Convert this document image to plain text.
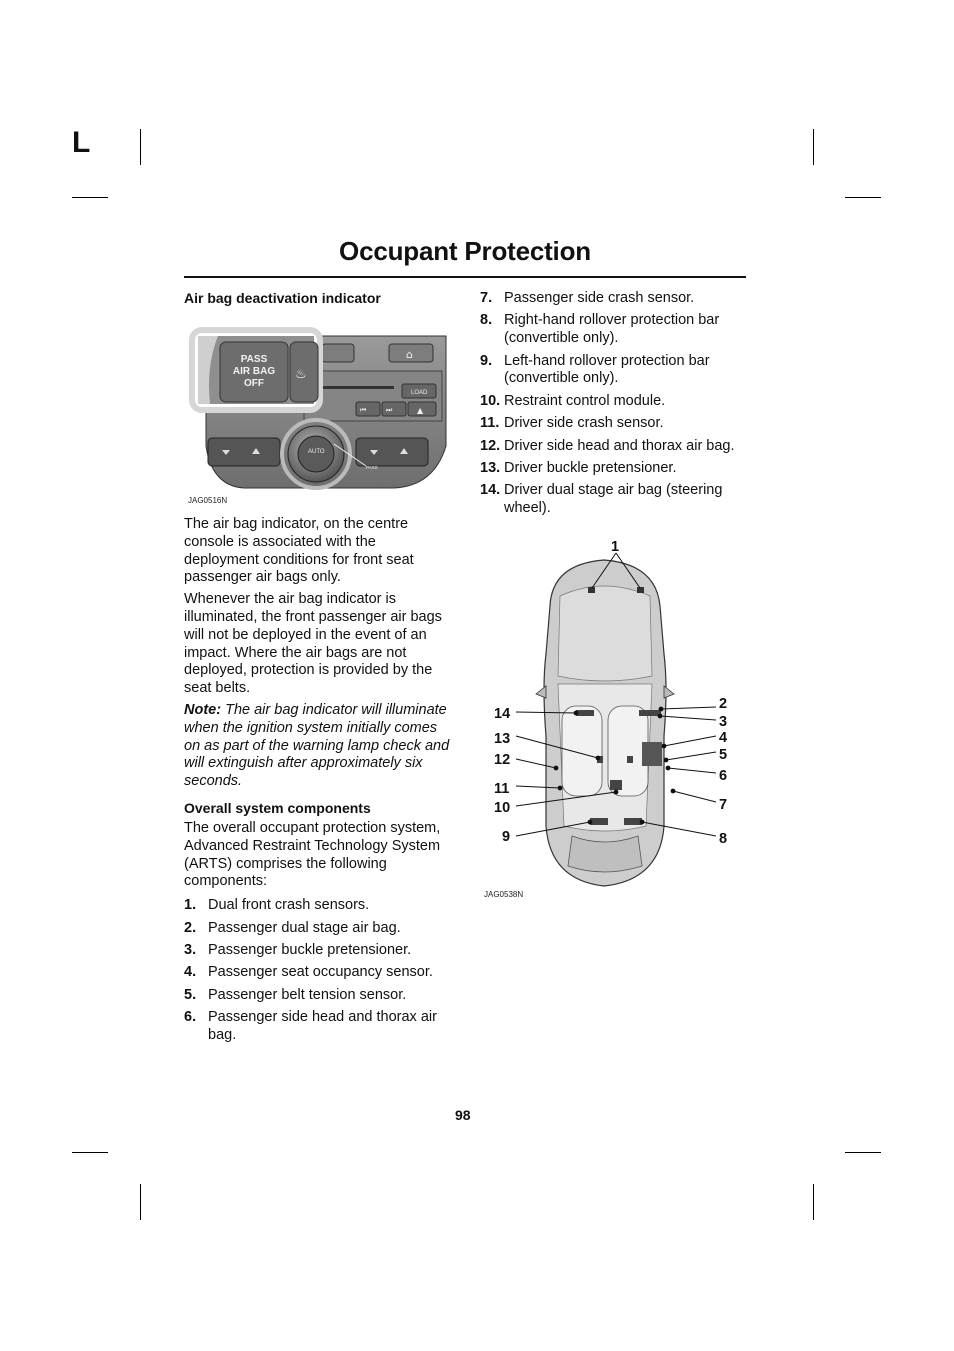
L
Occupant Protection
Air bag deactivation indicator
⌂
LOAD
⏮	⏭	▲
PASS
AUTO
PASS
AIR BAG
OFF
♨
JAG0516N

The air bag indicator, on the centre console is associated with the deployment conditions for front seat passenger air bags only.

Whenever the air bag indicator is illuminated, the front passenger air bags will not be deployed in the event of an impact. Where the air bags are not deployed, protection is provided by the seat belts.

Note: The air bag indicator will illuminate when the ignition system initially comes on as part of the warning lamp check and will extinguish after approximately six seconds.

Overall system components

The overall occupant protection system, Advanced Restraint Technology System (ARTS) comprises the following components:

1. Dual front crash sensors.
2. Passenger dual stage air bag.
3. Passenger buckle pretensioner.
4. Passenger seat occupancy sensor.
5. Passenger belt tension sensor.
6. Passenger side head and thorax air bag.
7. Passenger side crash sensor.
8. Right-hand rollover protection bar (convertible only).
9. Left-hand rollover protection bar (convertible only).
10. Restraint control module.
11. Driver side crash sensor.
12. Driver side head and thorax air bag.
13. Driver buckle pretensioner.
14. Driver dual stage air bag (steering wheel).
1
2
3
4
5
6
7
8
9
10
11
12
13
14
JAG0538N
98
